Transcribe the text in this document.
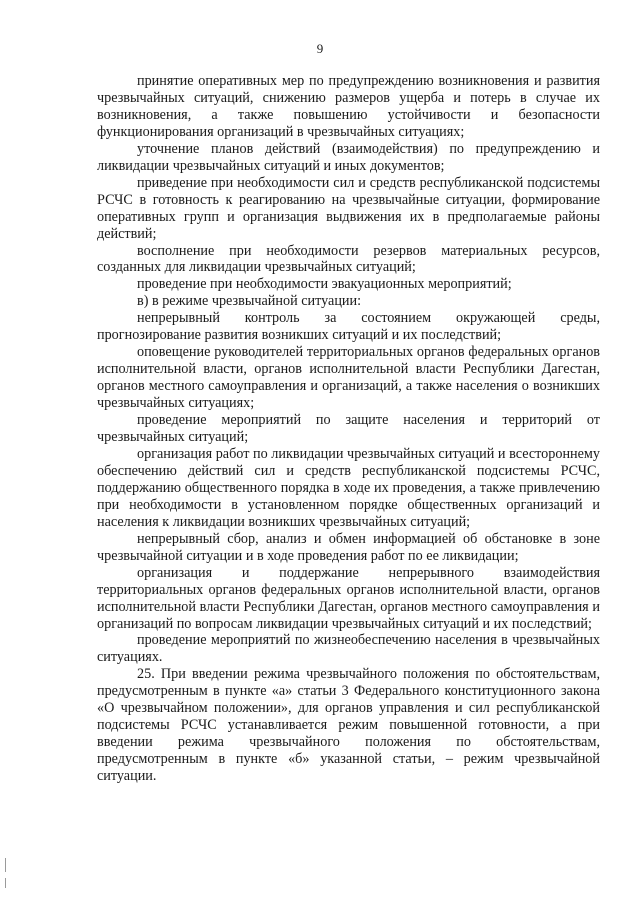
9

принятие оперативных мер по предупреждению возникновения и развития чрезвычайных ситуаций, снижению размеров ущерба и потерь в случае их возникновения, а также повышению устойчивости и безопасности функционирования организаций в чрезвычайных ситуациях;

уточнение планов действий (взаимодействия) по предупреждению и ликвидации чрезвычайных ситуаций и иных документов;

приведение при необходимости сил и средств республиканской подсистемы РСЧС в готовность к реагированию на чрезвычайные ситуации, формирование оперативных групп и организация выдвижения их в предполагаемые районы действий;

восполнение при необходимости резервов материальных ресурсов, созданных для ликвидации чрезвычайных ситуаций;

проведение при необходимости эвакуационных мероприятий;

в) в режиме чрезвычайной ситуации:

непрерывный контроль за состоянием окружающей среды, прогнозирование развития возникших ситуаций и их последствий;

оповещение руководителей территориальных органов федеральных органов исполнительной власти, органов исполнительной власти Республики Дагестан, органов местного самоуправления и организаций, а также населения о возникших чрезвычайных ситуациях;

проведение мероприятий по защите населения и территорий от чрезвычайных ситуаций;

организация работ по ликвидации чрезвычайных ситуаций и всестороннему обеспечению действий сил и средств республиканской подсистемы РСЧС, поддержанию общественного порядка в ходе их проведения, а также привлечению при необходимости в установленном порядке общественных организаций и населения к ликвидации возникших чрезвычайных ситуаций;

непрерывный сбор, анализ и обмен информацией об обстановке в зоне чрезвычайной ситуации и в ходе проведения работ по ее ликвидации;

организация и поддержание непрерывного взаимодействия территориальных органов федеральных органов исполнительной власти, органов исполнительной власти Республики Дагестан, органов местного самоуправления и организаций по вопросам ликвидации чрезвычайных ситуаций и их последствий;

проведение мероприятий по жизнеобеспечению населения в чрезвычайных ситуациях.

25. При введении режима чрезвычайного положения по обстоятельствам, предусмотренным в пункте «а» статьи 3 Федерального конституционного закона «О чрезвычайном положении», для органов управления и сил республиканской подсистемы РСЧС устанавливается режим повышенной готовности, а при введении режима чрезвычайного положения по обстоятельствам, предусмотренным в пункте «б» указанной статьи, – режим чрезвычайной ситуации.
